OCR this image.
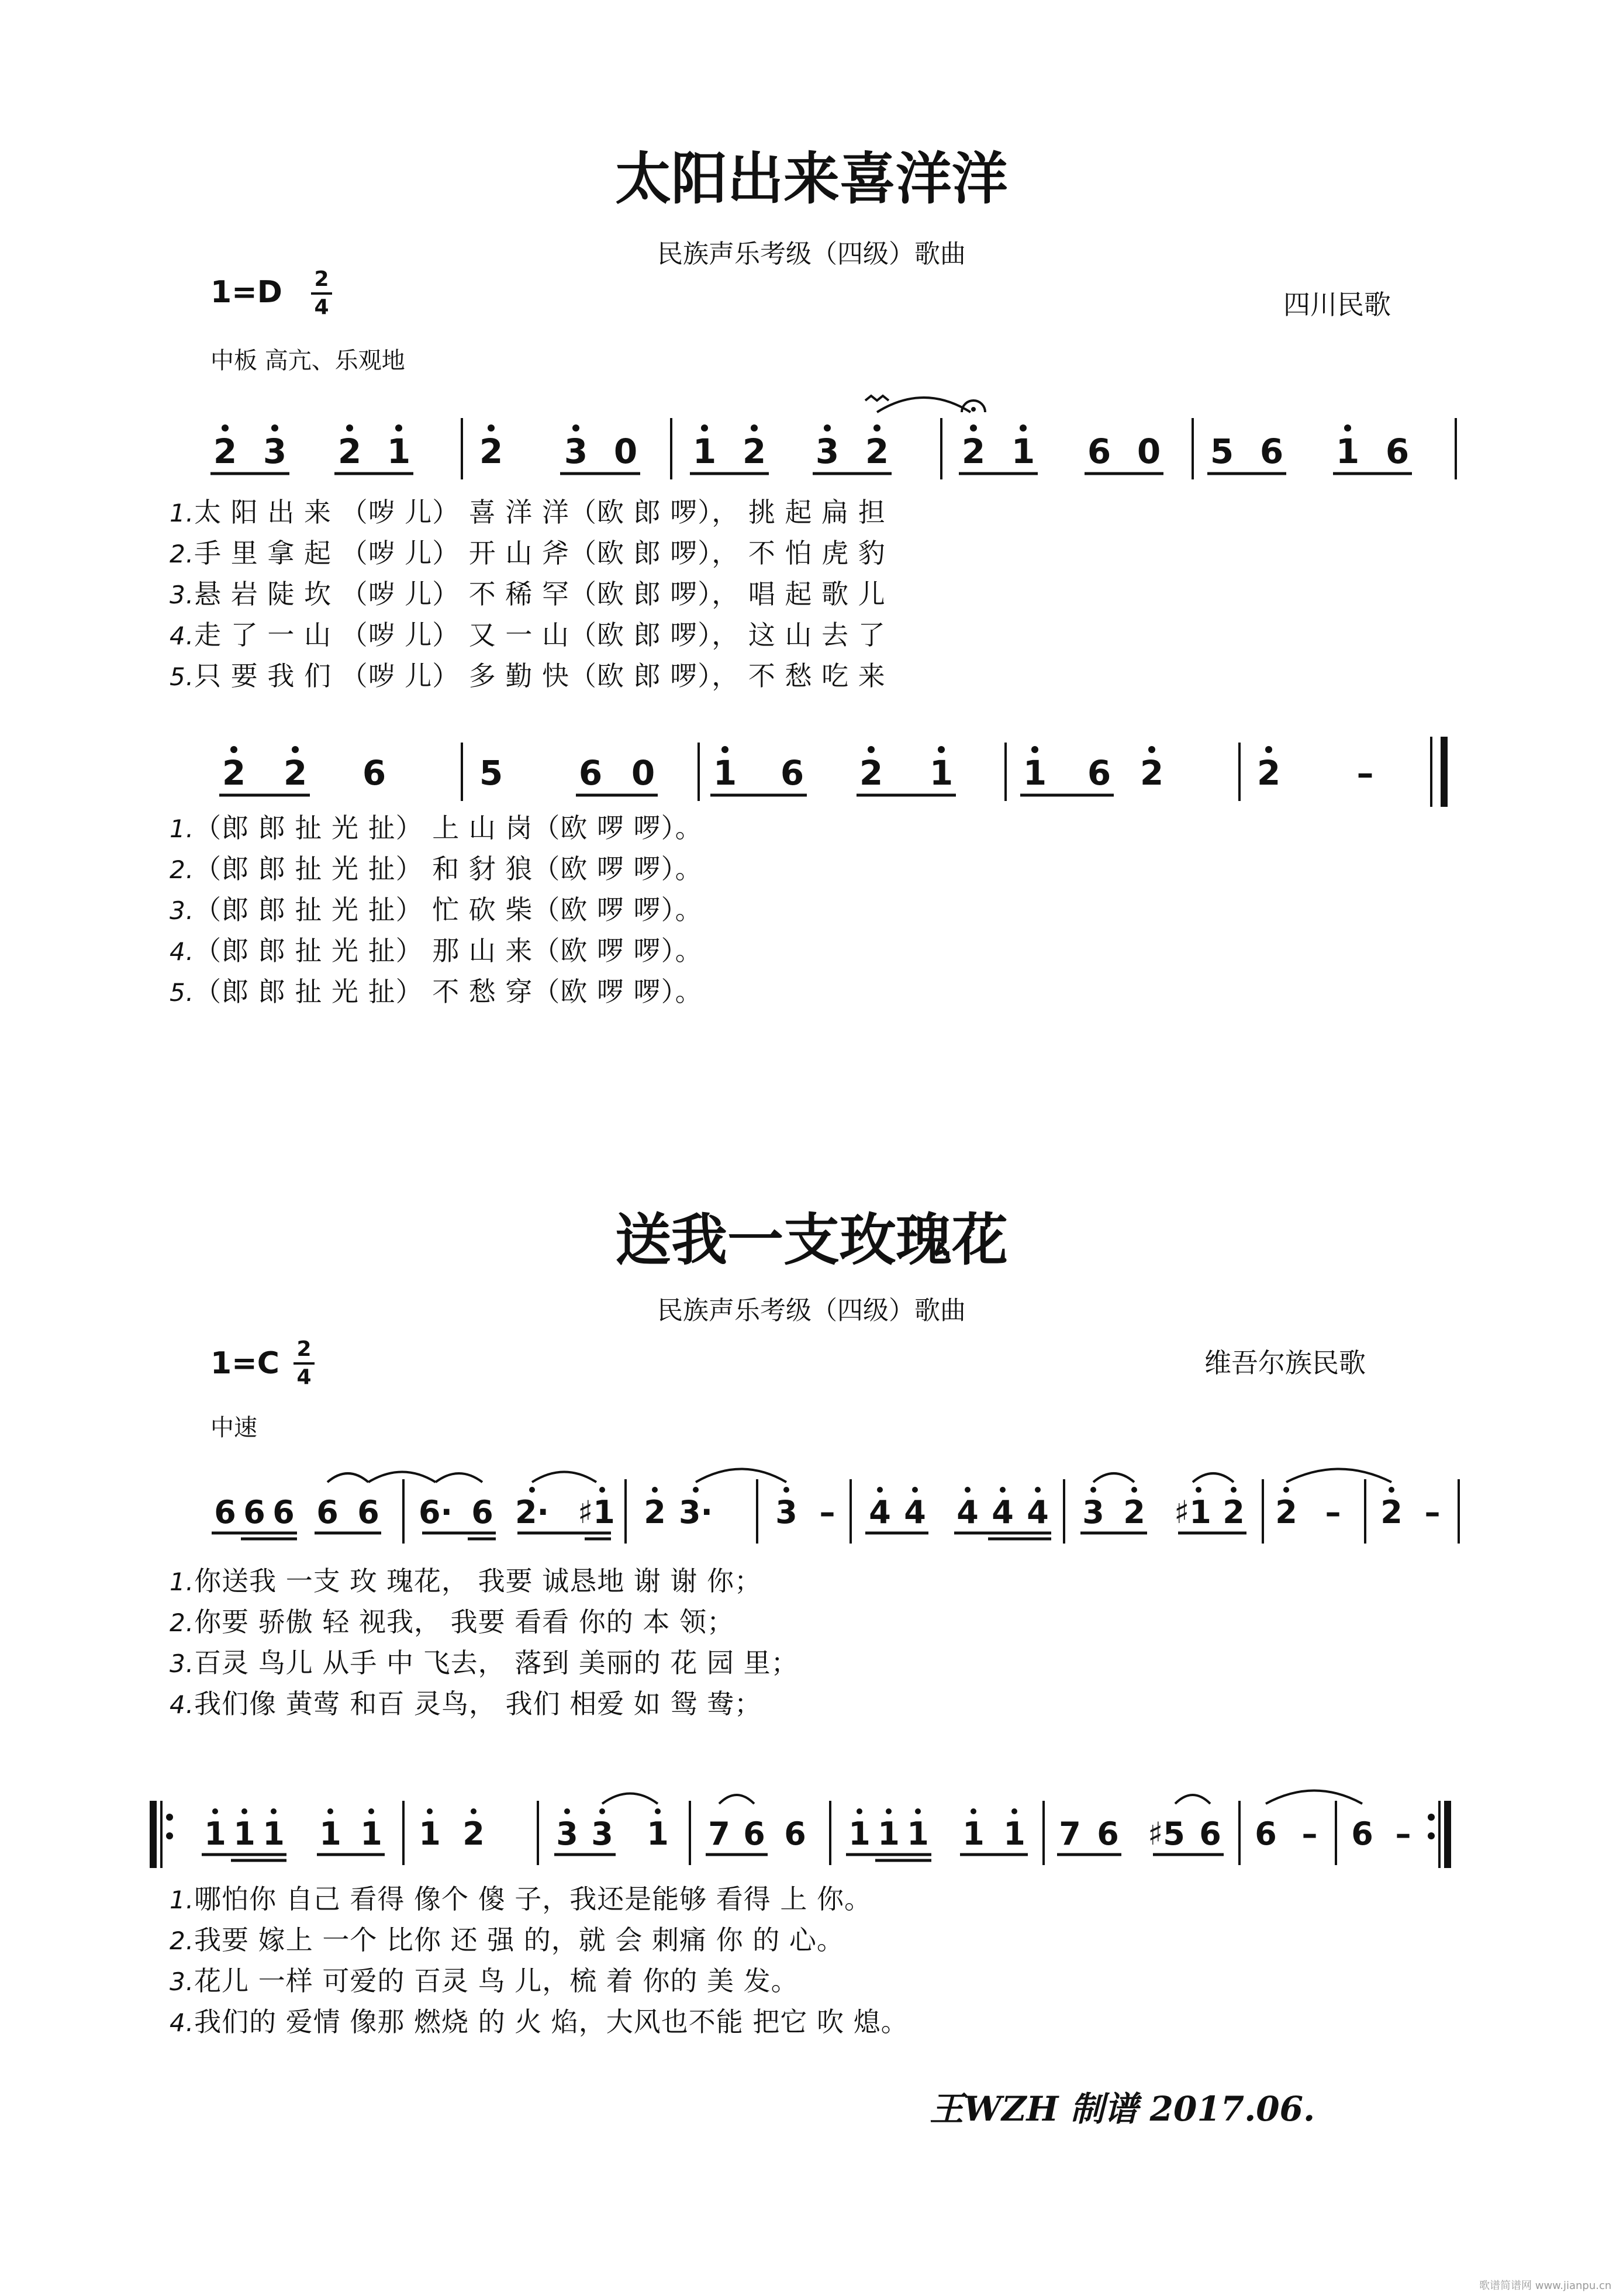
太阳出来喜洋洋
民族声乐考级（四级）歌曲
1=D 2
4	四川民歌
中板 高亢、乐观地
2 3 2 1 2 3 0 1 2 3 2 2 1 6 0 5 6 1 6
1.太 阳 出 来 （哕 儿） 喜 洋 洋（欧 郎 啰）， 挑 起 扁 担
2.手 里 拿 起 （哕 儿） 开 山 斧（欧 郎 啰）， 不 怕 虎 豹
3.悬 岩 陡 坎 （哕 儿） 不 稀 罕（欧 郎 啰）， 唱 起 歌 儿
4.走 了 一 山 （哕 儿） 又 一 山（欧 郎 啰）， 这 山 去 了
5.只 要 我 们 （哕 儿） 多 勤 快（欧 郎 啰）， 不 愁 吃 来
2 2 6	5 6 0 1 6 2 1 1 6 2	2 –
1.（郎 郎 扯 光 扯） 上 山 岗（欧 啰 啰）。
2.（郎 郎 扯 光 扯） 和 豺 狼（欧 啰 啰）。
3.（郎 郎 扯 光 扯） 忙 砍 柴（欧 啰 啰）。
4.（郎 郎 扯 光 扯） 那 山 来（欧 啰 啰）。
5.（郎 郎 扯 光 扯） 不 愁 穿（欧 啰 啰）。
送我一支玫瑰花
民族声乐考级（四级）歌曲
1=C 2
4	维吾尔族民歌
中速
6 6 6 6 6 6· 6 2· ♯1 2 3· 3 – 4 4 4 4 4 3 2 ♯1 2 2 – 2 –
1.你送我 一支 玫 瑰花， 我要 诚恳地 谢 谢 你；
2.你要 骄傲 轻 视我， 我要 看看 你的 本 领；
3.百灵 鸟儿 从手 中 飞去， 落到 美丽的 花 园 里；
4.我们像 黄莺 和百 灵鸟， 我们 相爱 如 鸳 鸯；
1 1 1 1 1 1 2 3 3 1 7 6 6 1 1 1 1 1 7 6 ♯5 6 6 – 6 –
1.哪怕你 自己 看得 像个 傻 子，我还是能够 看得 上 你。
2.我要 嫁上 一个 比你 还 强 的，就 会 刺痛 你 的 心。
3.花儿 一样 可爱的 百灵 鸟 儿，梳 着 你的 美 发。
4.我们的 爱情 像那 燃烧 的 火 焰，大风也不能 把它 吹 熄。
王WZH 制谱 2017.06.
歌谱简谱网 www.jianpu.cn
